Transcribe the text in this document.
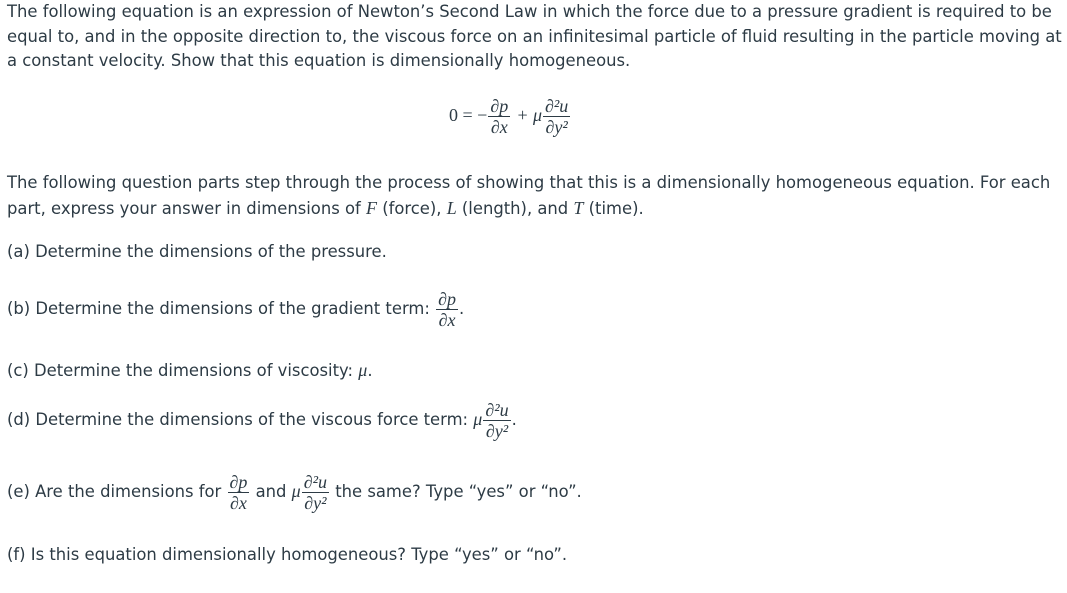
The following equation is an expression of Newton’s Second Law in which the force due to a pressure gradient is required to be equal to, and in the opposite direction to, the viscous force on an infinitesimal particle of fluid resulting in the particle moving at a constant velocity. Show that this equation is dimensionally homogeneous.
0 = − $\frac{\partial p}{\partial x} + \mu \frac{\text{∂²u}}{\text{∂y²}}$
The following question parts step through the process of showing that this is a dimensionally homogeneous equation. For each part, express your answer in dimensions of F (force), L (length), and T (time).
(a) Determine the dimensions of the pressure.
(b) Determine the dimensions of the gradient term: $\frac{\partial p}{\partial x}$ .
(c) Determine the dimensions of viscosity: μ.
(d) Determine the dimensions of the viscous force term: μ $\frac{\text{∂²u}}{\text{∂y²}}$ .
(e) Are the dimensions for $\frac{\partial p}{\partial x}$ and μ $\frac{\text{∂²u}}{\text{∂y²}}$ the same? Type “yes” or “no”.
(f) Is this equation dimensionally homogeneous? Type “yes” or “no”.
